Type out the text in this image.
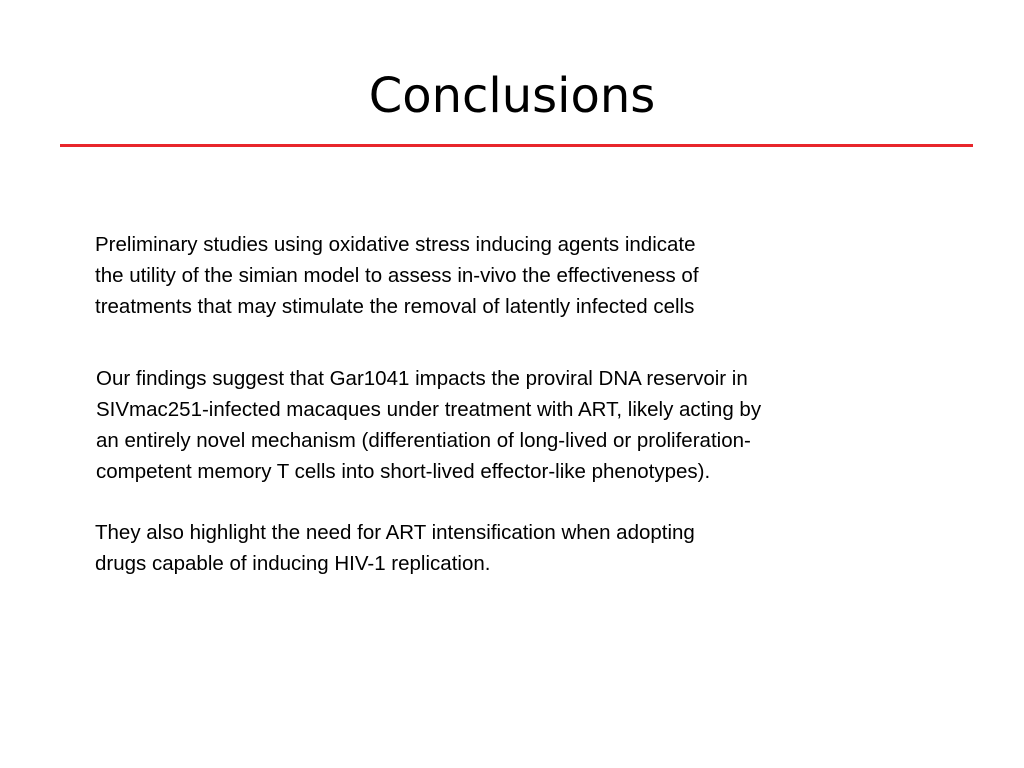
Conclusions
Preliminary studies using oxidative stress inducing agents indicate
the utility of the simian model to assess in-vivo the effectiveness of
treatments that may stimulate the removal of latently infected cells
Our findings suggest that Gar1041 impacts the proviral DNA reservoir in
SIVmac251-infected macaques under treatment with ART, likely acting by
an entirely novel mechanism (differentiation of long-lived or proliferation-
competent memory T cells into short-lived effector-like phenotypes).
They also highlight the need for ART intensification when adopting
drugs capable of inducing HIV-1 replication.
